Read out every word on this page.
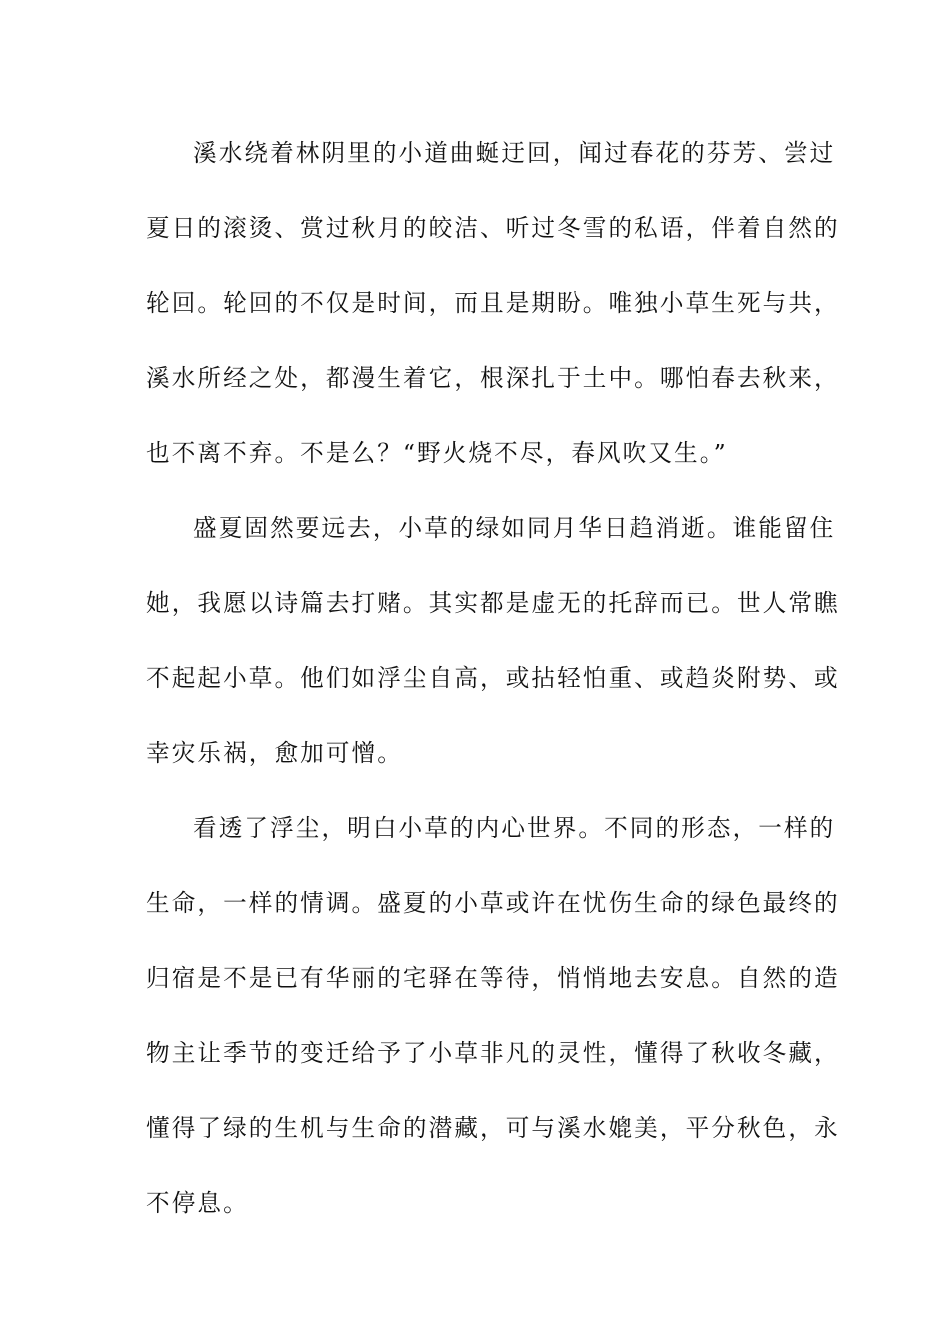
溪水绕着林阴里的小道曲蜒迂回，闻过春花的芬芳、尝过
夏日的滚烫、赏过秋月的皎洁、听过冬雪的私语，伴着自然的
轮回。轮回的不仅是时间，而且是期盼。唯独小草生死与共，
溪水所经之处，都漫生着它，根深扎于土中。哪怕春去秋来，
也不离不弃。不是么？“野火烧不尽，春风吹又生。”
盛夏固然要远去，小草的绿如同月华日趋消逝。谁能留住
她，我愿以诗篇去打赌。其实都是虚无的托辞而已。世人常瞧
不起起小草。他们如浮尘自高，或拈轻怕重、或趋炎附势、或
幸灾乐祸，愈加可憎。
看透了浮尘，明白小草的内心世界。不同的形态，一样的
生命，一样的情调。盛夏的小草或许在忧伤生命的绿色最终的
归宿是不是已有华丽的宅驿在等待，悄悄地去安息。自然的造
物主让季节的变迁给予了小草非凡的灵性，懂得了秋收冬藏，
懂得了绿的生机与生命的潜藏，可与溪水媲美，平分秋色，永
不停息。
